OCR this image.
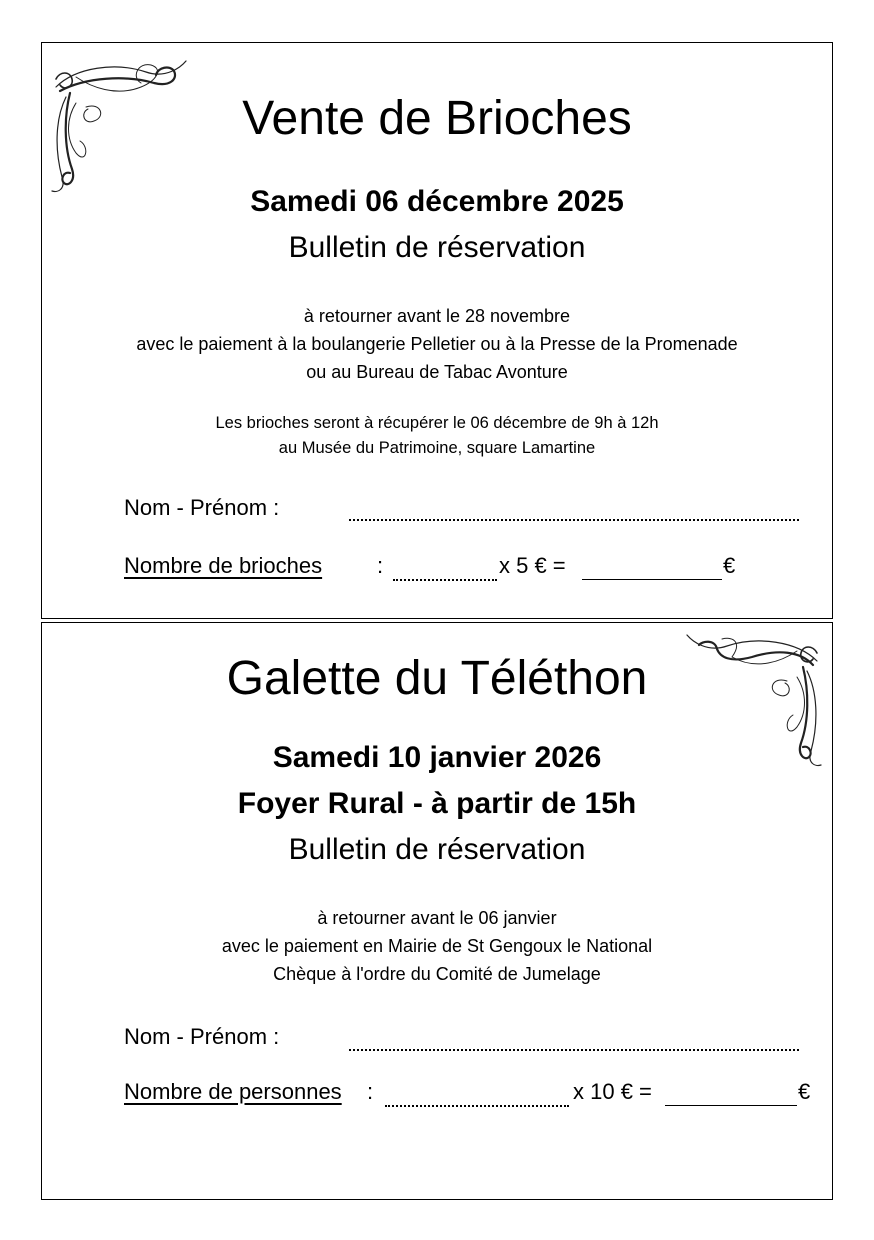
Vente de Brioches
Samedi 06 décembre 2025
Bulletin de réservation
à retourner avant le 28 novembre
avec le paiement à la boulangerie Pelletier ou à la Presse de la Promenade
ou au Bureau de Tabac Avonture
Les brioches seront à récupérer le 06 décembre de 9h à 12h
au Musée du Patrimoine, square Lamartine
Nom - Prénom :
Nombre de brioches :	x 5 € =	€
Galette du Téléthon
Samedi 10 janvier 2026
Foyer Rural - à partir de 15h
Bulletin de réservation
à retourner avant le 06 janvier
avec le paiement en Mairie de St Gengoux le National
Chèque à l'ordre du Comité de Jumelage
Nom - Prénom :
Nombre de personnes :	x 10 € =	€
